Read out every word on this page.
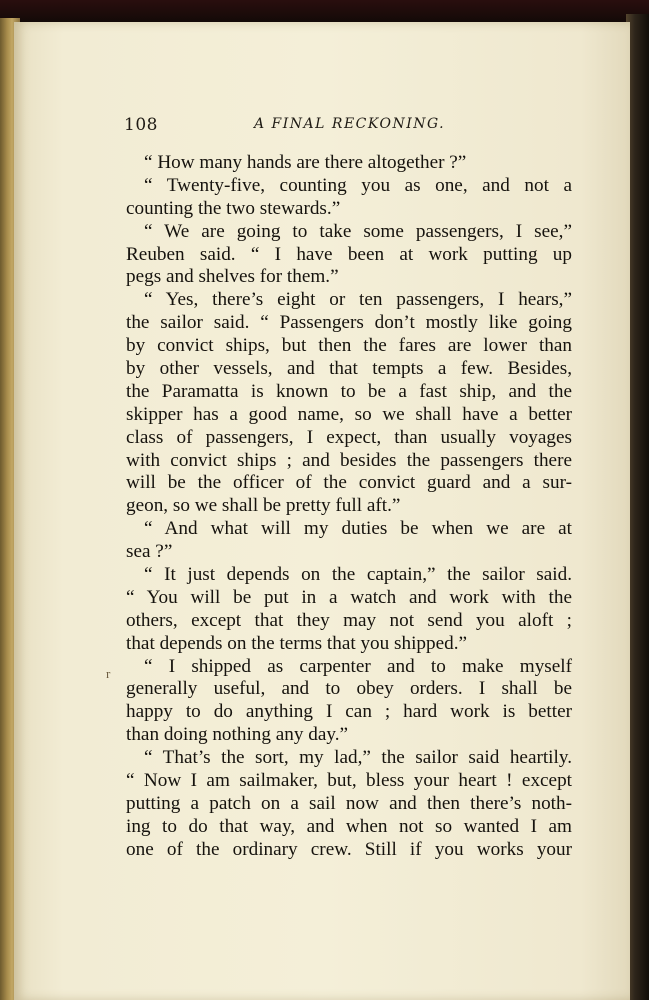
108	A FINAL RECKONING.
r
“ How many hands are there altogether ?”
“ Twenty-five, counting you as one, and not a
counting the two stewards.”
“ We are going to take some passengers, I see,”
Reuben said. “ I have been at work putting up
pegs and shelves for them.”
“ Yes, there’s eight or ten passengers, I hears,”
the sailor said. “ Passengers don’t mostly like going
by convict ships, but then the fares are lower than
by other vessels, and that tempts a few. Besides,
the Paramatta is known to be a fast ship, and the
skipper has a good name, so we shall have a better
class of passengers, I expect, than usually voyages
with convict ships ; and besides the passengers there
will be the officer of the convict guard and a sur-
geon, so we shall be pretty full aft.”
“ And what will my duties be when we are at
sea ?”
“ It just depends on the captain,” the sailor said.
“ You will be put in a watch and work with the
others, except that they may not send you aloft ;
that depends on the terms that you shipped.”
“ I shipped as carpenter and to make myself
generally useful, and to obey orders. I shall be
happy to do anything I can ; hard work is better
than doing nothing any day.”
“ That’s the sort, my lad,” the sailor said heartily.
“ Now I am sailmaker, but, bless your heart ! except
putting a patch on a sail now and then there’s noth-
ing to do that way, and when not so wanted I am
one of the ordinary crew. Still if you works your
